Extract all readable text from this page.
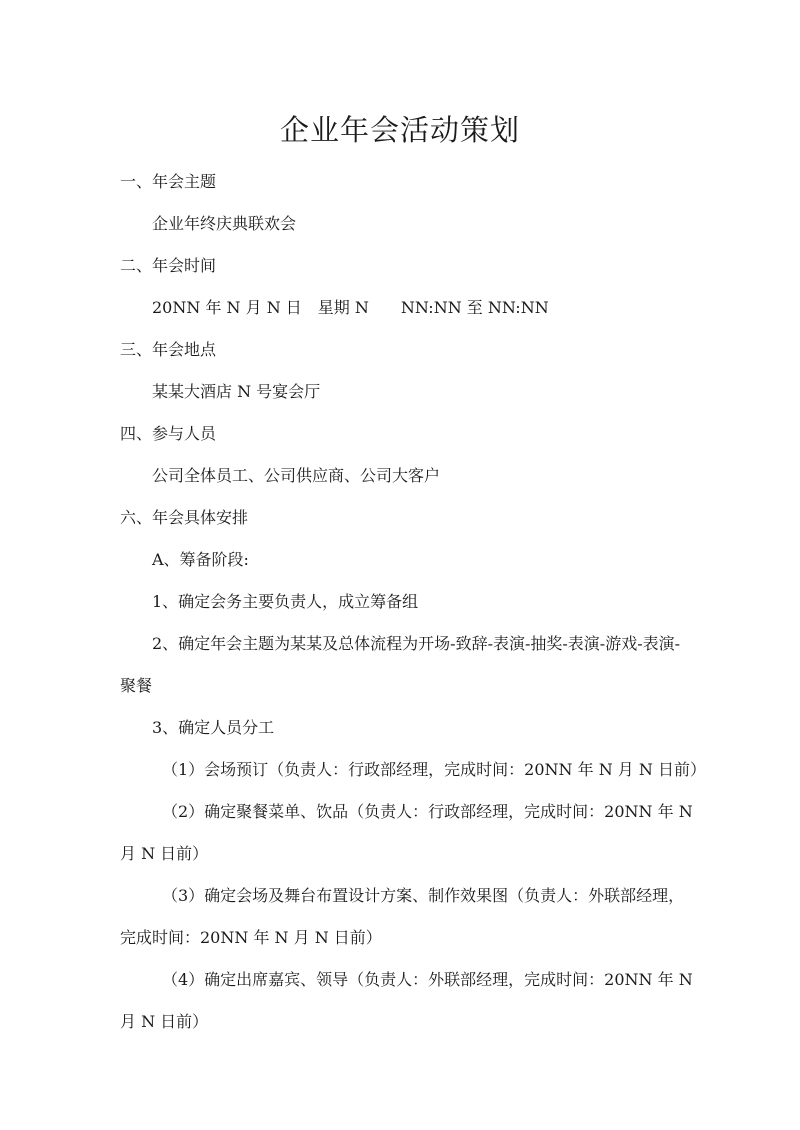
企业年会活动策划
一、年会主题
企业年终庆典联欢会
二、年会时间
20NN 年 N 月 N 日　星期 N　　NN:NN 至 NN:NN
三、年会地点
某某大酒店 N 号宴会厅
四、参与人员
公司全体员工、公司供应商、公司大客户
六、年会具体安排
A、筹备阶段:
1、确定会务主要负责人，成立筹备组
2、确定年会主题为某某及总体流程为开场-致辞-表演-抽奖-表演-游戏-表演-
聚餐
3、确定人员分工
（1）会场预订（负责人：行政部经理，完成时间：20NN 年 N 月 N 日前）
（2）确定聚餐菜单、饮品（负责人：行政部经理，完成时间：20NN 年 N
月 N 日前）
（3）确定会场及舞台布置设计方案、制作效果图（负责人：外联部经理，
完成时间：20NN 年 N 月 N 日前）
（4）确定出席嘉宾、领导（负责人：外联部经理，完成时间：20NN 年 N
月 N 日前）
